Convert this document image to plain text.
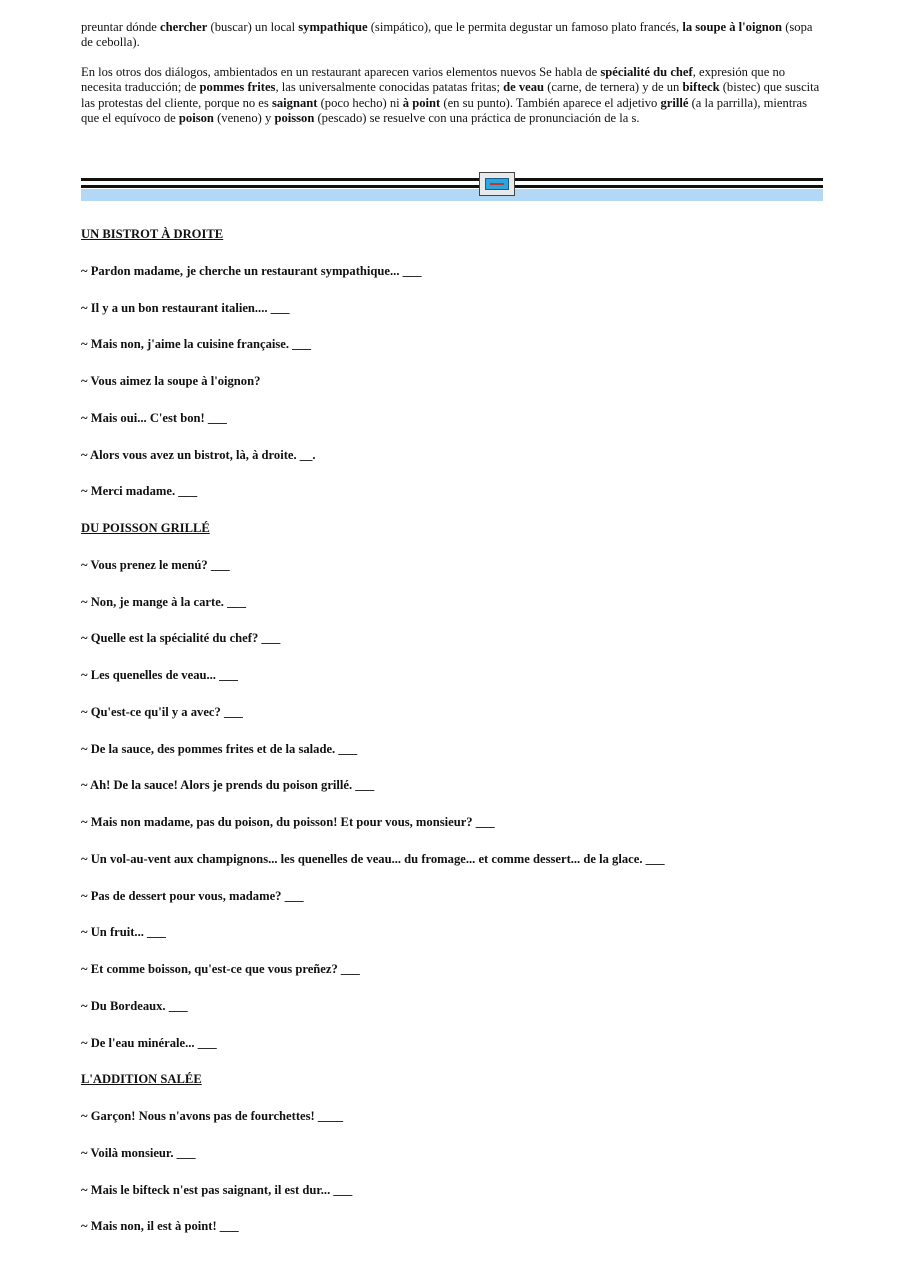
preuntar dónde chercher (buscar) un local sympathique (simpático), que le permita degustar un famoso plato francés, la soupe à l'oignon (sopa de cebolla).

En los otros dos diálogos, ambientados en un restaurant aparecen varios elementos nuevos Se habla de spécialité du chef, expresión que no necesita traducción; de pommes frites, las universalmente conocidas patatas fritas; de veau (carne, de ternera) y de un bifteck (bistec) que suscita las protestas del cliente, porque no es saignant (poco hecho) ni à point (en su punto). También aparece el adjetivo grillé (a la parrilla), mientras que el equívoco de poison (veneno) y poisson (pescado) se resuelve con una práctica de pronunciación de la s.

UN BISTROT À DROITE
~ Pardon madame, je cherche un restaurant sympathique... ___
~ Il y a un bon restaurant italien.... ___
~ Mais non, j'aime la cuisine française. ___
~ Vous aimez la soupe à l'oignon?
~ Mais oui... C'est bon! ___
~ Alors vous avez un bistrot, là, à droite. __.
~ Merci madame. ___
DU POISSON GRILLÉ
~ Vous prenez le menú? ___
~ Non, je mange à la carte. ___
~ Quelle est la spécialité du chef? ___
~ Les quenelles de veau... ___
~ Qu'est-ce qu'il y a avec? ___
~ De la sauce, des pommes frites et de la salade. ___
~ Ah! De la sauce! Alors je prends du poison grillé. ___
~ Mais non madame, pas du poison, du poisson! Et pour vous, monsieur? ___
~ Un vol-au-vent aux champignons... les quenelles de veau... du fromage... et comme dessert... de la glace. ___
~ Pas de dessert pour vous, madame? ___
~ Un fruit... ___
~ Et comme boisson, qu'est-ce que vous preñez? ___
~ Du Bordeaux. ___
~ De l'eau minérale... ___
L'ADDITION SALÉE
~ Garçon! Nous n'avons pas de fourchettes! ____
~ Voilà monsieur. ___
~ Mais le bifteck n'est pas saignant, il est dur... ___
~ Mais non, il est à point! ___
